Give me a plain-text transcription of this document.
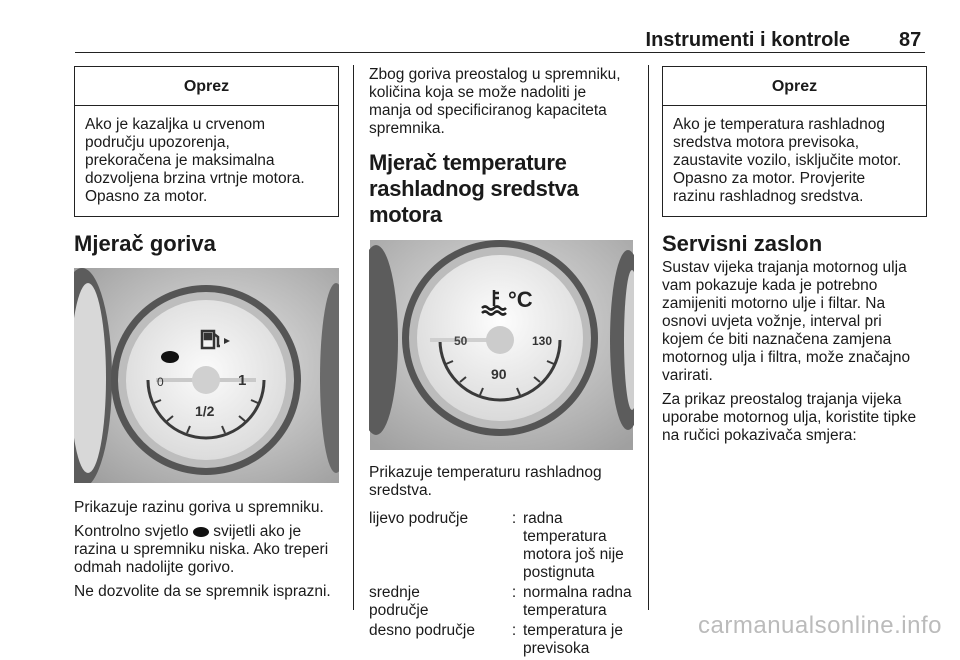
Instrumenti i kontrole 87
Oprez
Ako je kazaljka u crvenom
području upozorenja,
prekoračena je maksimalna
dozvoljena brzina vrtnje motora.
Opasno za motor.
Mjerač goriva
0	1
1/2

Prikazuje razinu goriva u spremniku.

Kontrolno svjetlo svijetli ako je
razina u spremniku niska. Ako treperi
odmah nadolijte gorivo.

Ne dozvolite da se spremnik isprazni.

Zbog goriva preostalog u spremniku,
količina koja se može nadoliti je
manja od specificiranog kapaciteta
spremnika.
Mjerač temperature
rashladnog sredstva motora
°C
50	130
90
Prikazuje temperaturu rashladnog
sredstva.
lijevo područje	:	radna temperatura motora još nije postignuta
srednje područje	:	normalna radna temperatura
desno područje	:	temperatura je previsoka
Oprez
Ako je temperatura rashladnog
sredstva motora previsoka,
zaustavite vozilo, isključite motor.
Opasno za motor. Provjerite
razinu rashladnog sredstva.
Servisni zaslon
Sustav vijeka trajanja motornog ulja
vam pokazuje kada je potrebno
zamijeniti motorno ulje i filtar. Na
osnovi uvjeta vožnje, interval pri
kojem će biti naznačena zamjena
motornog ulja i filtra, može značajno
varirati.
Za prikaz preostalog trajanja vijeka
uporabe motornog ulja, koristite tipke
na ručici pokazivača smjera:
carmanualsonline.info
